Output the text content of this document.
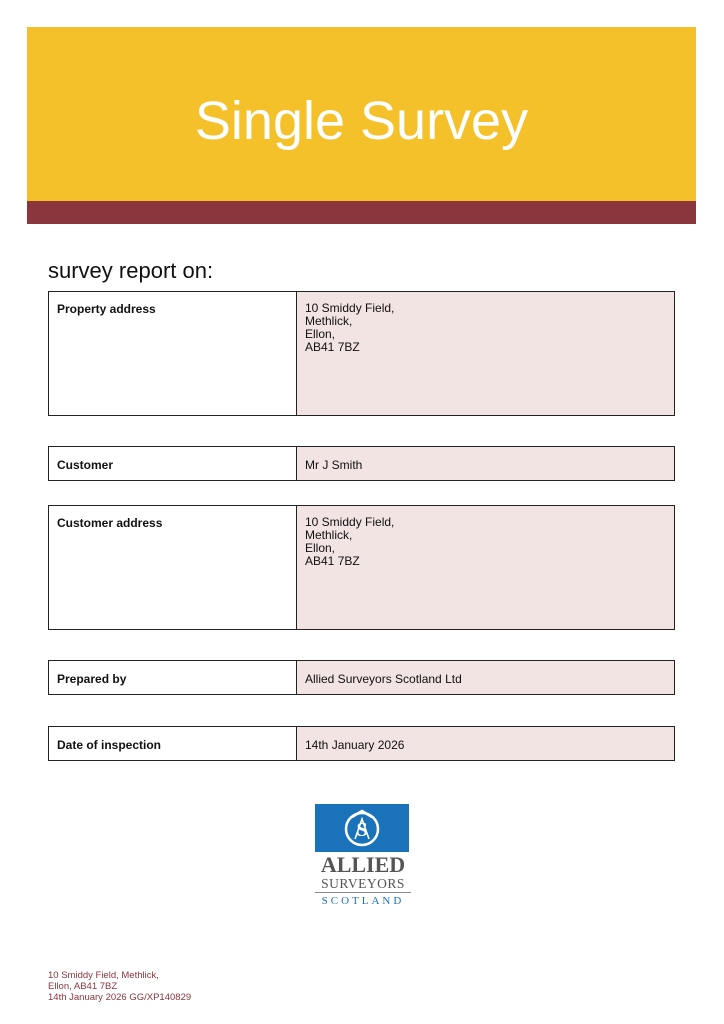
Single Survey
survey report on:
Property address	10 Smiddy Field,
Methlick,
Ellon,
AB41 7BZ
Customer	Mr J Smith
Customer address	10 Smiddy Field,
Methlick,
Ellon,
AB41 7BZ
Prepared by	Allied Surveyors Scotland Ltd
Date of inspection	14th January 2026
S
ALLIED
SURVEYORS
SCOTLAND
10 Smiddy Field, Methlick,
Ellon, AB41 7BZ
14th January 2026 GG/XP140829
